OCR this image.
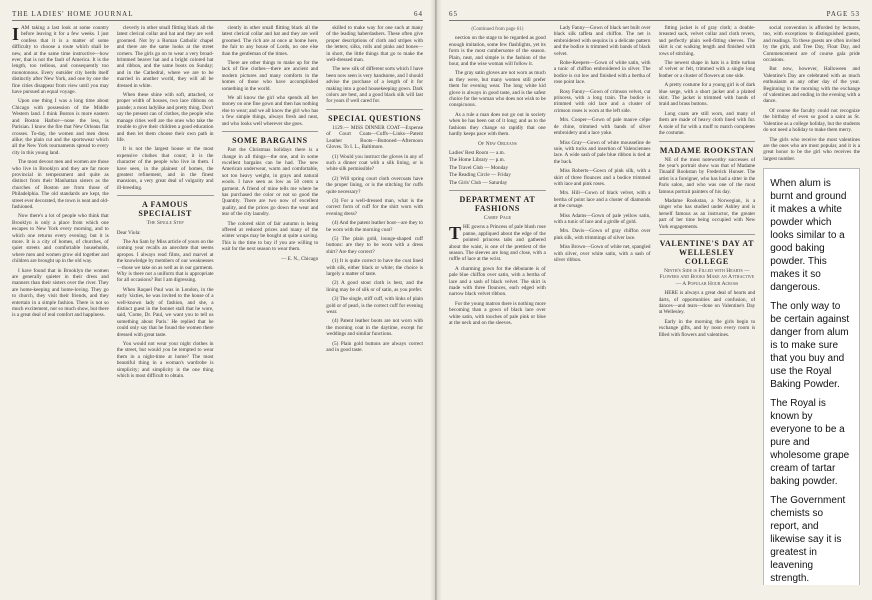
THE LADIES' HOME JOURNAL	64

IAM taking a last look at some country before leaving it for a few weeks. I just confess that it is a matter of some difficulty to choose a route which shall be new, and at the same time instructive—how ever, that is not the fault of America. It is the length, too tedious, and consequently too monotonous. Every outsider city herds itself distinctly after New York, and one by one the fine cities disappear from view until you may have pursued an equal voyage.

Upon one thing I was a long time about Chicago with possession of the Middle Western land. I think Boston is more eastern and Boston Harbor—none the less, is Parisian. I know the fire that New Orleans flat crosses. To-day, the women and men dress alike; the plain cut and the sportswear which all the New York tournaments spread to every city in this young land.

The most devout men and women are those who live in Brooklyn and they are far more provincial in temperament and quite as distinct from their Manhattan sisters as the churches of Boston are from those of Philadelphia. The old standards are kept, the street ever decorated, the town is neat and old-fashioned.

Now there's a lot of people who think that Brooklyn is only a place from which one escapes to New York every morning, and to which one returns every evening; but it is more. It is a city of homes, of churches, of quiet streets and comfortable households, where men and women grow old together and children are brought up in the old way.

I have found that in Brooklyn the women are generally quieter in their dress and manners than their sisters over the river. They are home-keeping and home-loving. They go to church, they visit their friends, and they entertain in a simple fashion. There is not so much excitement, nor so much show, but there is a great deal of real comfort and happiness.

cleverly in other small flitting black all the latest clerical collar and hat and they are well groomed. Not by a Roman Catholic chapel and there are the same looks at the street corners. The girls go on to wear a very broad-brimmed beaver hat and a bright colored hat and ribbon, and the same boots on Sunday; and in the Cathedral, where we are to be married in another world, they will all be dressed in white.

When these shine with soft, attached, or proper width of houses, two lace ribbons on parade; a most ladylike and pretty thing. Don't say the present can of clothes, the people who manage cities well are the ones who take the trouble to give their children a good education and then let them choose their own path in life.

It is not the largest house or the most expensive clothes that count; it is the character of the people who live in them. I have seen, in the plainest of homes, the greatest refinement, and in the finest mansions, a very great deal of vulgarity and ill-breeding.

A FAMOUS SPECIALIST
The Single Step

Dear Viola:

The An Sam by Miss article of yours on the coming year recalls an anecdote that seems apropos. I always read films, and marvel at the knowledge by members of our weaknesses—those we take on as well as in our garments. Why is there not a uniform that is appropriate for all occasions? But I am digressing.

When Raquel Paul was in London, in the early 'sixties, he was invited to the house of a well-known lady of fashion, and she, a distinct guest in the bonnet stall that he wore, said, 'Come, Dr. Paul, we want you to tell us something about Paris.' He replied that he could only say that he found the women there dressed with great taste.

You would not wear your night clothes in the street, but would you be tempted to wear them in a night-time at home? The most beautiful thing in a woman's wardrobe is simplicity; and simplicity is the one thing which is most difficult to obtain.

ciently in other small flitting black all the latest clerical collar and hat and they are well groomed. The rich are at once at home here, the fair to any house of Lords, no one else than the gentleman of the times.

There are other things to make up for the lack of fine clothes—there are ancient and modern pictures and many comforts in the homes of those who have accomplished something in the world.

We all know the girl who spends all her money on one fine gown and then has nothing else to wear; and we all know the girl who has a few simple things, always fresh and neat, and who looks well wherever she goes.

SOME BARGAINS

Part the Christmas holidays there is a change in all things—the one, and in some excellent bargains can be had. The new American underwear, warm and comfortable, not too heavy weight, in grays and natural wools. I have seen as low as 50 cents a garment. A friend of mine tells me where he has purchased the color or not so good the Quantity. There are two now of excellent quality, and the prices go down the wear and tear of the city laundry.

The colored skirt of fair autumn is being offered at reduced prices and many of the winter wraps may be bought at quite a saving. This is the time to buy if you are willing to wait for the next season to wear them.

— E. N., Chicago

skilled to make way for one such at many of the leading haberdashers. These often give proper descriptions of cloth and stripes with the letters; silks, rolls and pinks and bones—in short, the little things that go to make the well-dressed man.

The new silk of different sorts which I have been now seen is very handsome, and I should advise the purchase of a length of it for making into a good housekeeping gown. Dark colors are best, and a good black silk will last for years if well cared for.

SPECIAL QUESTIONS

1129.— MISS DINNER COAT—Expense of Court Coats—Cuffs—Links—Patent Leather Boots—Buttoned—Afternoon Gloves. To I. L., Baltimore.

(1) Would you instruct the gloves in any of such a dinner coat with a silk lining, or is white silk permissible?

(2) Will spring court cloth overcoats have the proper lining, or is the stitching for cuffs quite necessary?

(3) For a well-dressed man, what is the correct form of cuff for the shirt worn with evening dress?

(4) And the patent leather boot—are they to be worn with the morning coat?

(5) The plain gold, lounge-shaped cuff buttons: are they to be worn with a dress shirt? Are they correct?

(1) It is quite correct to have the coat lined with silk, either black or white; the choice is largely a matter of taste.

(2) A good stout cloth is best, and the lining may be of silk or of satin, as you prefer.

(3) The single, stiff cuff, with links of plain gold or of pearl, is the correct cuff for evening wear.

(4) Patent leather boots are not worn with the morning coat in the daytime, except for weddings and similar functions.

(5) Plain gold buttons are always correct and in good taste.

65	PAGE 53
(Continued from page 61)

nection on the stage to be regarded as good enough imitation, some few flashlights, yet its form is the most cumbersome of the season. Plain, neat, and simple is the fashion of the hour, and the wise woman will follow it.

The gray satin gloves are not worn as much as they were, but many women still prefer them for evening wear. The long white kid glove is always in good taste, and is the safest choice for the woman who does not wish to be conspicuous.

As a rule a man does not go out in society when he has been out of it long; and as to the fashions they change so rapidly that one hardly keeps pace with them.

Of New Orleans
Ladies' Rest Room — a.m.
The Home Library — p.m.
The Travel Club — Monday
The Reading Circle — Friday
The Girls' Club — Saturday
DEPARTMENT AT FASHIONS
Carry Page

THE gowns a Princess of pale blush rose panne, appliqued about the edge of the pointed princess tabs and gathered about the waist, is one of the prettiest of the season. The sleeves are long and close, with a ruffle of lace at the wrist.

A charming gown for the débutante is of pale blue chiffon over satin, with a bertha of lace and a sash of black velvet. The skirt is made with three flounces, each edged with narrow black velvet ribbon.

For the young matron there is nothing more becoming than a gown of black lace over white satin, with touches of pale pink or blue at the neck and on the sleeves.

Lady Fanny—Gown of black net built over black silk taffeta and chiffon. The net is embroidered with sequins in a delicate pattern and the bodice is trimmed with bands of black velvet.

Robe-Keepers—Gown of white satin, with a tunic of chiffon embroidered in silver. The bodice is cut low and finished with a bertha of rose point lace.

Rosy Fanny—Gown of crimson velvet, cut princess, with a long train. The bodice is trimmed with old lace and a cluster of crimson roses is worn at the left side.

Mrs. Cooper—Gown of pale mauve crêpe de chine, trimmed with bands of silver embroidery and a lace yoke.

Miss Gray—Gown of white mousseline de soie, with tucks and insertion of Valenciennes lace. A wide sash of pale blue ribbon is tied at the back.

Miss Roberts—Gown of pink silk, with a skirt of three flounces and a bodice trimmed with lace and pink roses.

Mrs. Hill—Gown of black velvet, with a bertha of point lace and a cluster of diamonds at the corsage.

Miss Adams—Gown of pale yellow satin, with a tunic of lace and a girdle of gold.

Mrs. Davis—Gown of gray chiffon over pink silk, with trimmings of silver lace.

Miss Brown—Gown of white net, spangled with silver, over white satin, with a sash of silver ribbon.

fitting jacket is of gray cloth; a double-breasted sack, velvet collar and cloth revers, and perfectly plain well-fitting sleeves. The skirt is cut walking length and finished with rows of stitching.

The newest shape in hats is a little turban of velvet or felt, trimmed with a single long feather or a cluster of flowers at one side.

A pretty costume for a young girl is of dark blue serge, with a short jacket and a plaited skirt. The jacket is trimmed with bands of braid and brass buttons.

Long coats are still worn, and many of them are made of heavy cloth lined with fur. A stole of fur with a muff to match completes the costume.

MADAME ROOKSTAN

NE of the most noteworthy successes of the year's portrait show was that of Madame Tinaalif Rookstan by Frederick Hunser. The artist is a foreigner, who has had a sitter in the Paris salon, and who was one of the most famous portrait painters of his day.

Madame Rookstan, a Norwegian, is a singer who has studied under Ashley and is herself famous as an instructor, the greater part of her time being occupied with New York engagements.

VALENTINE'S DAY AT WELLESLEY COLLEGE
Ninth's Side is Filled with Hearts — Flowers and Books Make an Attractive — A Popular Hour Across

HERE is always a great deal of hearts and darts, of opportunities and confusion, of dances—and tears—done on Valentine's Day at Wellesley.

Early in the morning the girls begin to exchange gifts, and by noon every room is filled with flowers and valentines.

social convention is afforded by lectures, too, with exceptions to distinguished guests, and readings. To these guests are often invited by the girls, and Tree Day, Float Day, and Commencement are of course gala pride occasions.

But now, however, Halloween and Valentine's Day are celebrated with as much enthusiasm as any other day of the year. Beginning in the morning with the exchange of valentines and ending in the evening with a dance.

Of course the faculty could not recognize the birthday of even so good a saint as St. Valentine as a college holiday, but the students do not need a holiday to make them merry.

The girls who receive the most valentines are the ones who are most popular, and it is a great honor to be the girl who receives the largest number.

When alum is burnt and ground it makes a white powder which looks similar to a good baking powder. This makes it so dangerous.

The only way to be certain against danger from alum is to make sure that you buy and use the Royal Baking Powder.

The Royal is known by everyone to be a pure and wholesome grape cream of tartar baking powder.

The Government chemists so report, and likewise say it is greatest in leavening strength.
